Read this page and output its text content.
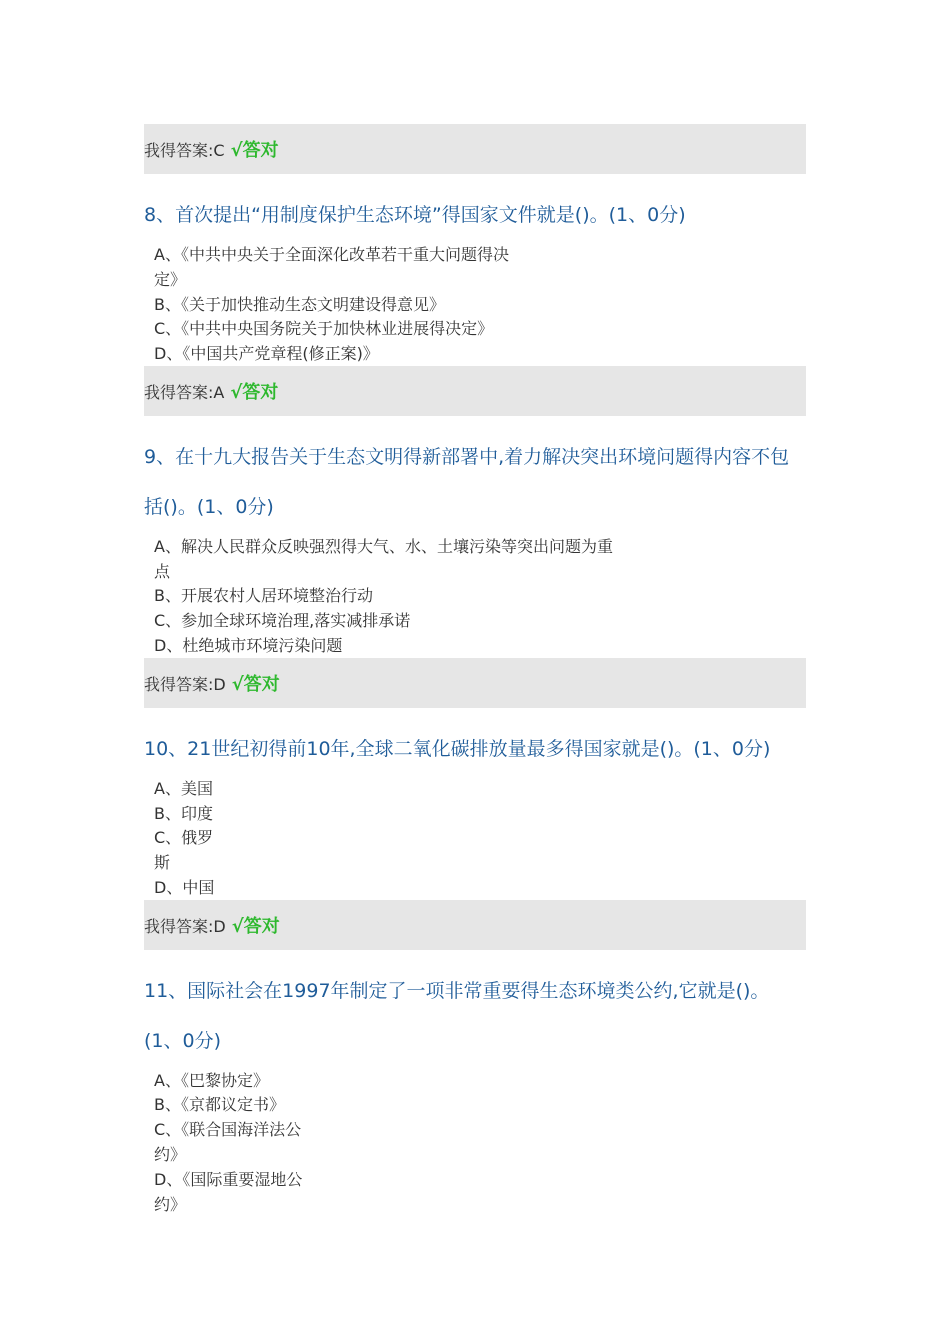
我得答案:C √答对
8、首次提出“用制度保护生态环境”得国家文件就是()。(1、0分)
A、《中共中央关于全面深化改革若干重大问题得决
定》
B、《关于加快推动生态文明建设得意见》
C、《中共中央国务院关于加快林业进展得决定》
D、《中国共产党章程(修正案)》
我得答案:A √答对
9、在十九大报告关于生态文明得新部署中,着力解决突出环境问题得内容不包
括()。(1、0分)
A、解决人民群众反映强烈得大气、水、土壤污染等突出问题为重
点
B、开展农村人居环境整治行动
C、参加全球环境治理,落实减排承诺
D、杜绝城市环境污染问题
我得答案:D √答对
10、21世纪初得前10年,全球二氧化碳排放量最多得国家就是()。(1、0分)
A、美国
B、印度
C、俄罗
斯
D、中国
我得答案:D √答对
11、国际社会在1997年制定了一项非常重要得生态环境类公约,它就是()。
(1、0分)
A、《巴黎协定》
B、《京都议定书》
C、《联合国海洋法公
约》
D、《国际重要湿地公
约》
